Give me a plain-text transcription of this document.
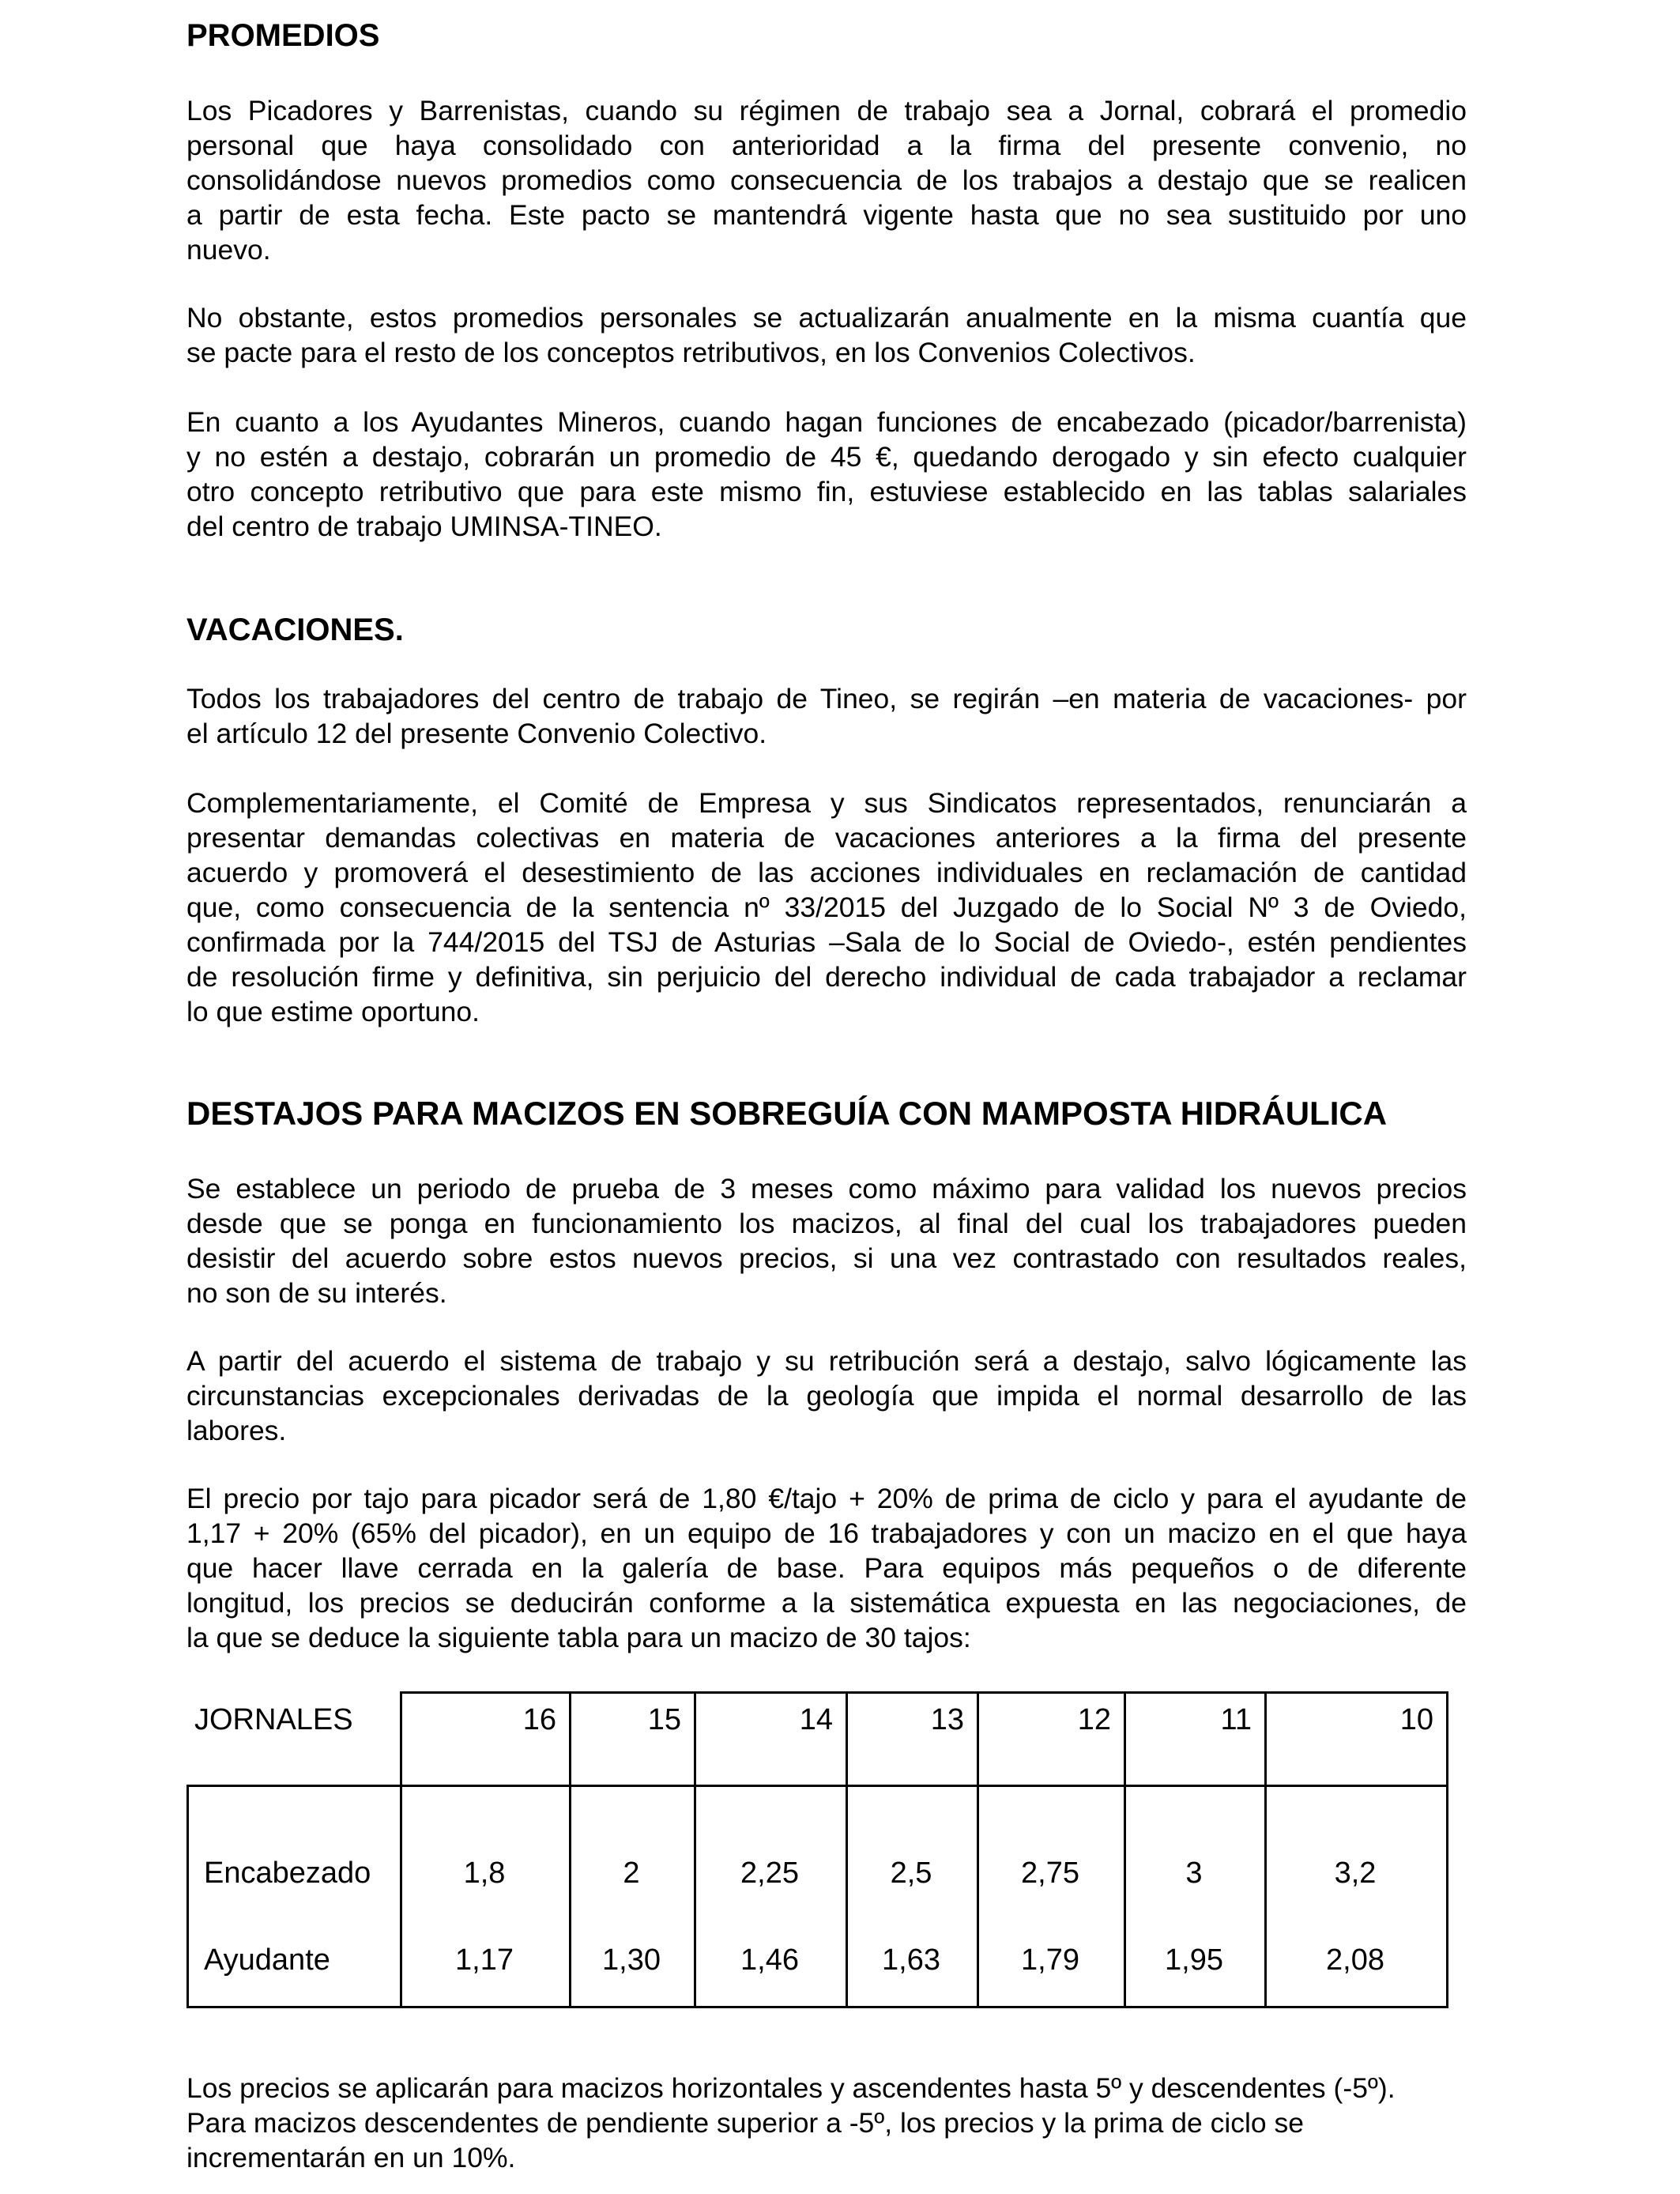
PROMEDIOS
Los Picadores y Barrenistas, cuando su régimen de trabajo sea a Jornal, cobrará el promedio
personal que haya consolidado con anterioridad a la firma del presente convenio, no
consolidándose nuevos promedios como consecuencia de los trabajos a destajo que se realicen
a partir de esta fecha. Este pacto se mantendrá vigente hasta que no sea sustituido por uno
nuevo.
No obstante, estos promedios personales se actualizarán anualmente en la misma cuantía que
se pacte para el resto de los conceptos retributivos, en los Convenios Colectivos.
En cuanto a los Ayudantes Mineros, cuando hagan funciones de encabezado (picador/barrenista)
y no estén a destajo, cobrarán un promedio de 45 €, quedando derogado y sin efecto cualquier
otro concepto retributivo que para este mismo fin, estuviese establecido en las tablas salariales
del centro de trabajo UMINSA-TINEO.
VACACIONES.
Todos los trabajadores del centro de trabajo de Tineo, se regirán –en materia de vacaciones- por
el artículo 12 del presente Convenio Colectivo.
Complementariamente, el Comité de Empresa y sus Sindicatos representados, renunciarán a
presentar demandas colectivas en materia de vacaciones anteriores a la firma del presente
acuerdo y promoverá el desestimiento de las acciones individuales en reclamación de cantidad
que, como consecuencia de la sentencia nº 33/2015 del Juzgado de lo Social Nº 3 de Oviedo,
confirmada por la 744/2015 del TSJ de Asturias –Sala de lo Social de Oviedo-, estén pendientes
de resolución firme y definitiva, sin perjuicio del derecho individual de cada trabajador a reclamar
lo que estime oportuno.
DESTAJOS PARA MACIZOS EN SOBREGUÍA CON MAMPOSTA HIDRÁULICA
Se establece un periodo de prueba de 3 meses como máximo para validad los nuevos precios
desde que se ponga en funcionamiento los macizos, al final del cual los trabajadores pueden
desistir del acuerdo sobre estos nuevos precios, si una vez contrastado con resultados reales,
no son de su interés.
A partir del acuerdo el sistema de trabajo y su retribución será a destajo, salvo lógicamente las
circunstancias excepcionales derivadas de la geología que impida el normal desarrollo de las
labores.
El precio por tajo para picador será de 1,80 €/tajo + 20% de prima de ciclo y para el ayudante de
1,17 + 20% (65% del picador), en un equipo de 16 trabajadores y con un macizo en el que haya
que hacer llave cerrada en la galería de base. Para equipos más pequeños o de diferente
longitud, los precios se deducirán conforme a la sistemática expuesta en las negociaciones, de
la que se deduce la siguiente tabla para un macizo de 30 tajos:
JORNALES	16	15	14	13	12	11	10
Encabezado	1,8	2	2,25	2,5	2,75	3	3,2
Ayudante	1,17	1,30	1,46	1,63	1,79	1,95	2,08
Los precios se aplicarán para macizos horizontales y ascendentes hasta 5º y descendentes (-5º).
Para macizos descendentes de pendiente superior a -5º, los precios y la prima de ciclo se
incrementarán en un 10%.
